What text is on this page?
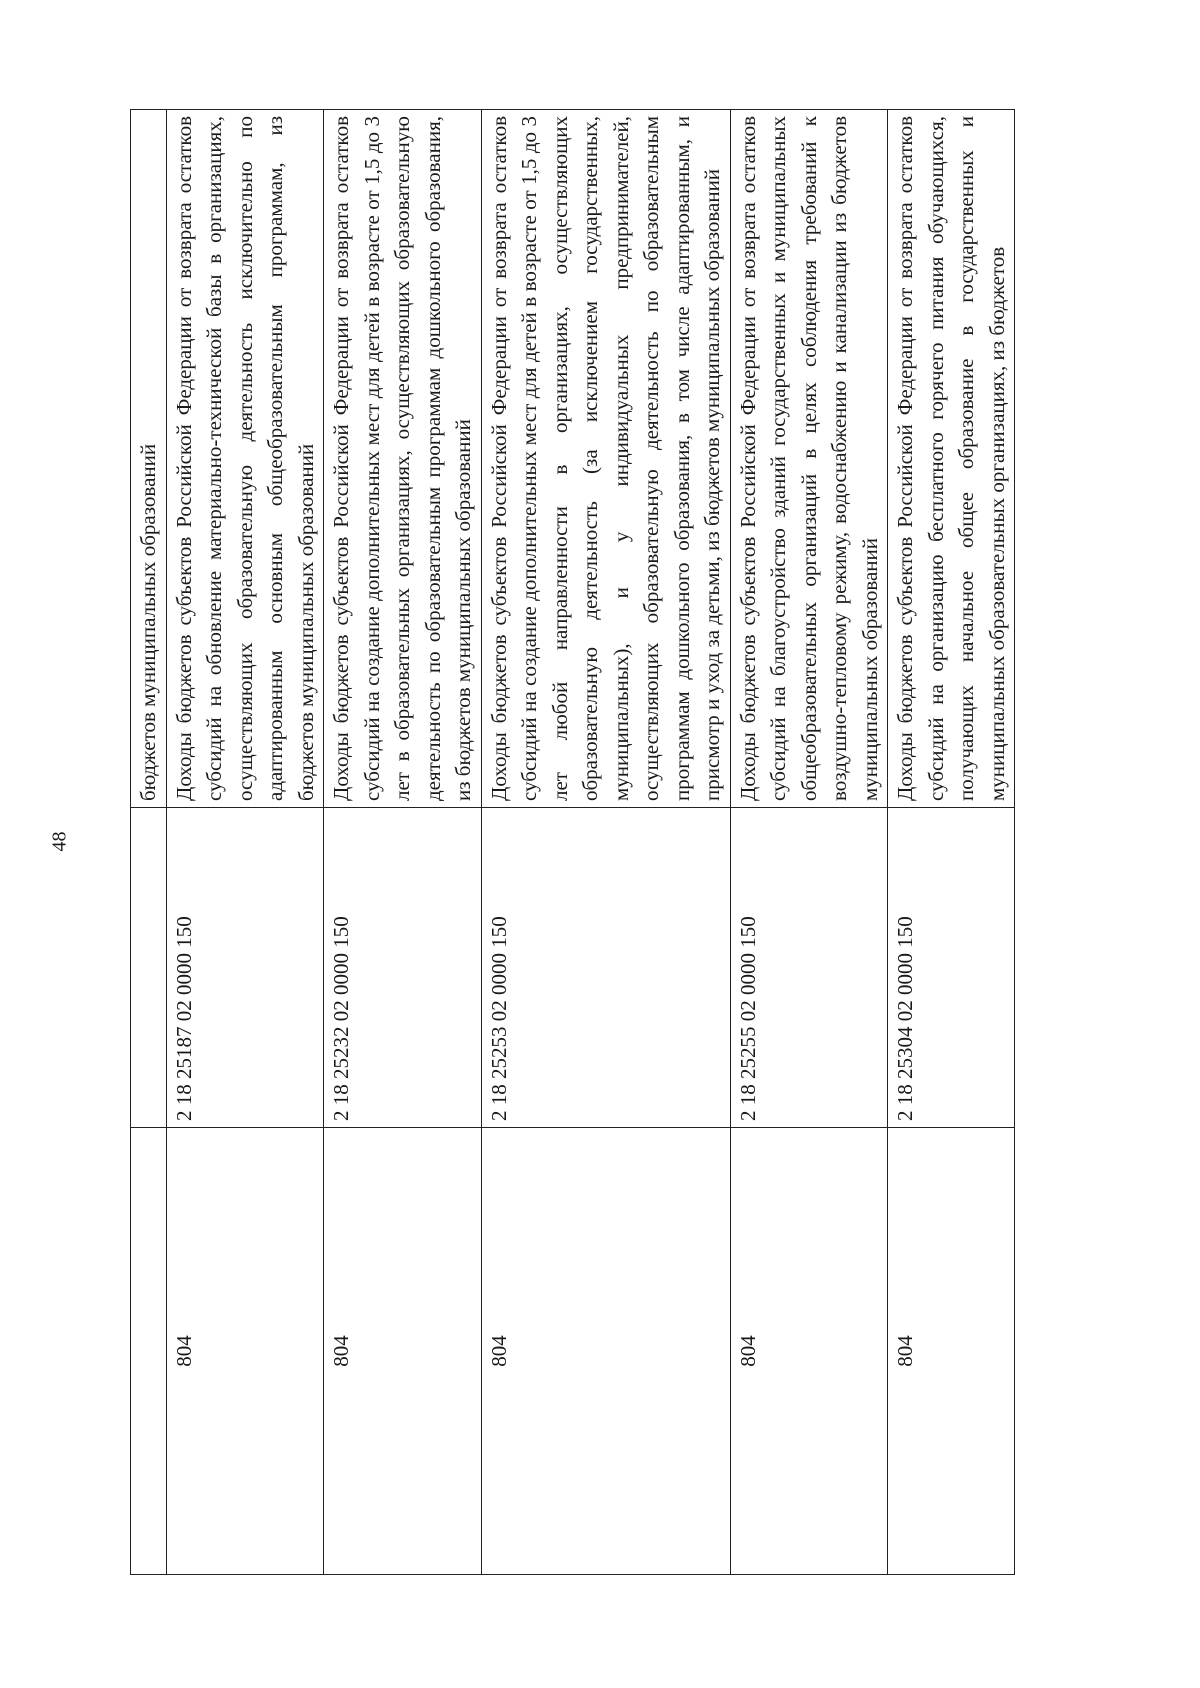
48
		бюджетов муниципальных образований
804	2 18 25187 02 0000 150	Доходы бюджетов субъектов Российской Федерации от возврата остатков субсидий на обновление материально-технической базы в организациях, осуществляющих образовательную деятельность исключительно по адаптированным основным общеобразовательным программам, из бюджетов муниципальных образований
804	2 18 25232 02 0000 150	Доходы бюджетов субъектов Российской Федерации от возврата остатков субсидий на создание дополнительных мест для детей в возрасте от 1,5 до 3 лет в образовательных организациях, осуществляющих образовательную деятельность по образовательным программам дошкольного образования, из бюджетов муниципальных образований
804	2 18 25253 02 0000 150	Доходы бюджетов субъектов Российской Федерации от возврата остатков субсидий на создание дополнительных мест для детей в возрасте от 1,5 до 3 лет любой направленности в организациях, осуществляющих образовательную деятельность (за исключением государственных, муниципальных), и у индивидуальных предпринимателей, осуществляющих образовательную деятельность по образовательным программам дошкольного образования, в том числе адаптированным, и присмотр и уход за детьми, из бюджетов муниципальных образований
804	2 18 25255 02 0000 150	Доходы бюджетов субъектов Российской Федерации от возврата остатков субсидий на благоустройство зданий государственных и муниципальных общеобразовательных организаций в целях соблюдения требований к воздушно-тепловому режиму, водоснабжению и канализации из бюджетов муниципальных образований
804	2 18 25304 02 0000 150	Доходы бюджетов субъектов Российской Федерации от возврата остатков субсидий на организацию бесплатного горячего питания обучающихся, получающих начальное общее образование в государственных и муниципальных образовательных организациях, из бюджетов
